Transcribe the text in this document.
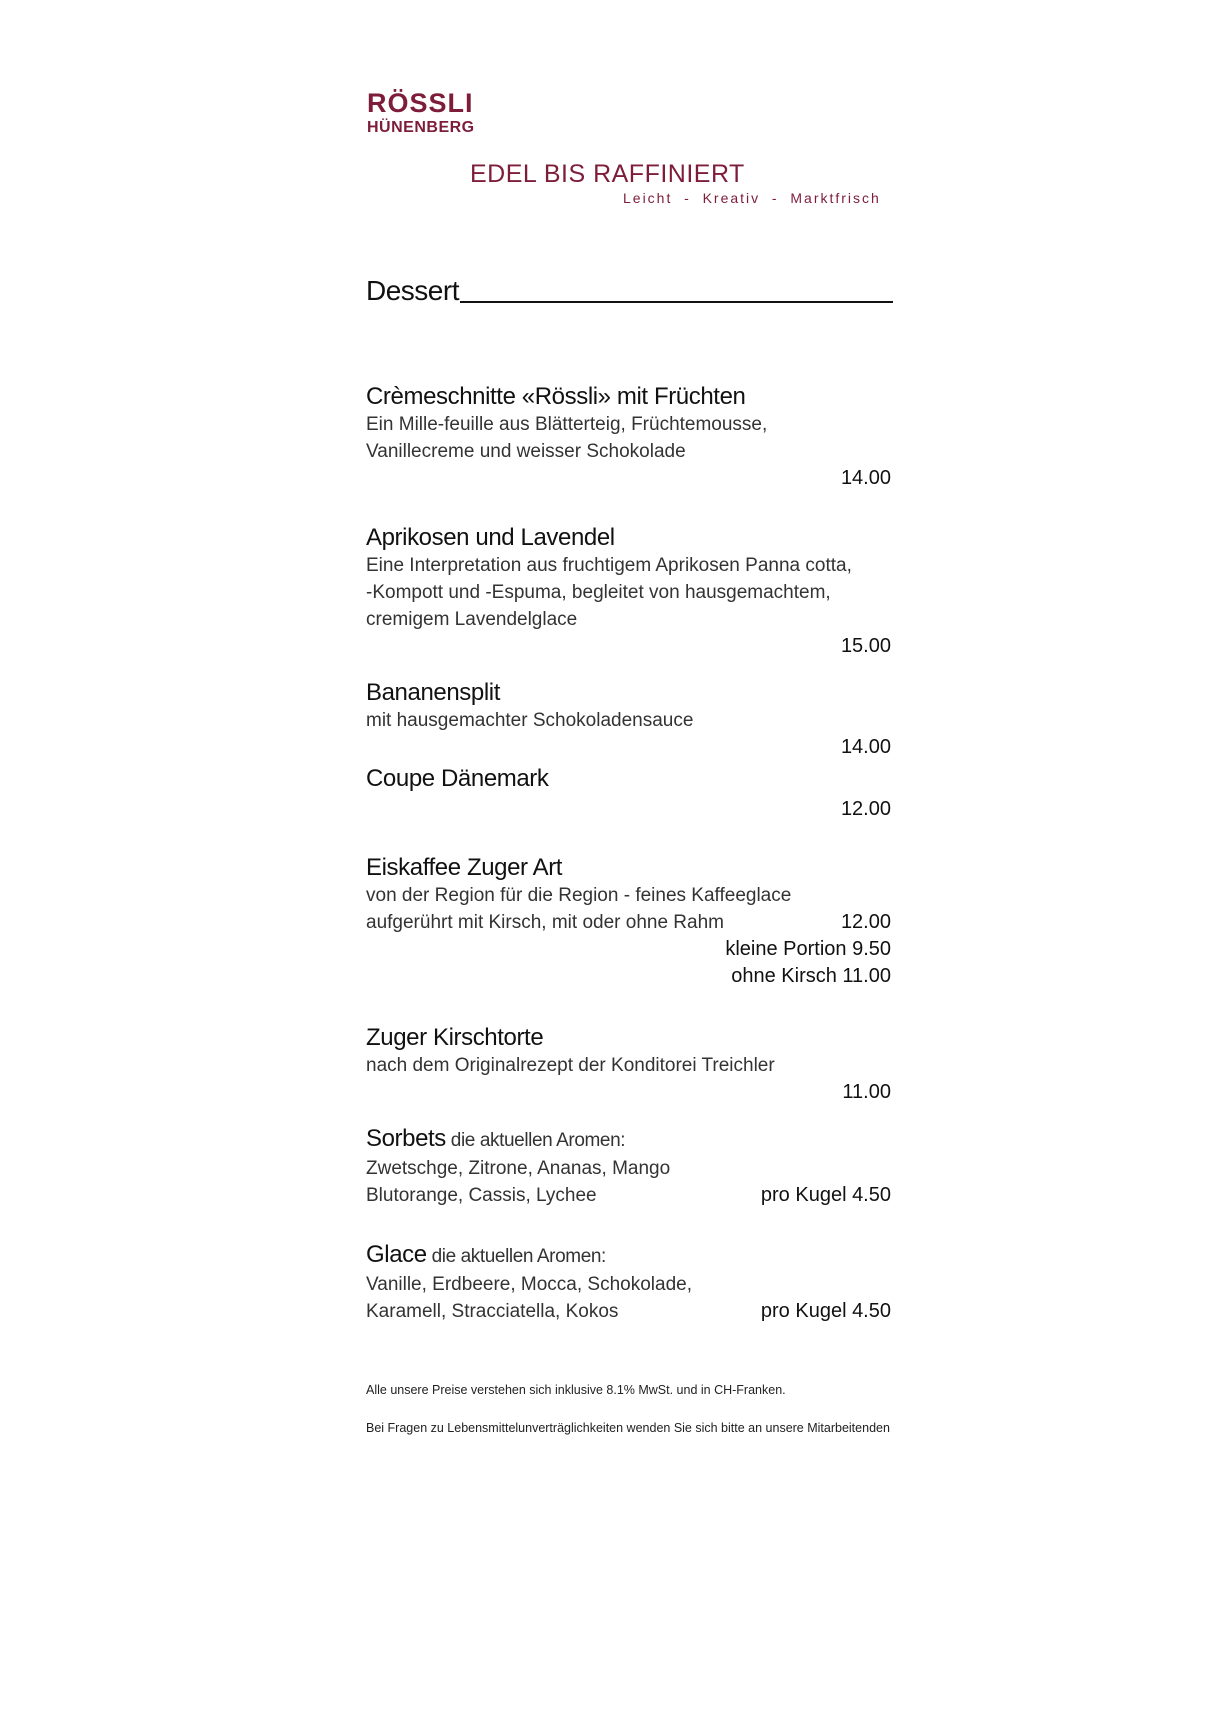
RÖSSLI
HÜNENBERG
EDEL BIS RAFFINIERT
Leicht  -  Kreativ  -  Marktfrisch
Dessert
Crèmeschnitte «Rössli» mit Früchten
Ein Mille-feuille aus Blätterteig, Früchtemousse,
Vanillecreme und weisser Schokolade
14.00
Aprikosen und Lavendel
Eine Interpretation aus fruchtigem Aprikosen Panna cotta,
-Kompott und -Espuma, begleitet von hausgemachtem,
cremigem Lavendelglace
15.00
Bananensplit
mit hausgemachter Schokoladensauce
14.00
Coupe Dänemark
12.00
Eiskaffee Zuger Art
von der Region für die Region - feines Kaffeeglace
aufgerührt mit Kirsch, mit oder ohne Rahm	12.00
kleine Portion 9.50
ohne Kirsch 11.00
Zuger Kirschtorte
nach dem Originalrezept der Konditorei Treichler
11.00
Sorbets die aktuellen Aromen:
Zwetschge, Zitrone, Ananas, Mango
Blutorange, Cassis, Lychee	pro Kugel 4.50
Glace die aktuellen Aromen:
Vanille, Erdbeere, Mocca, Schokolade,
Karamell, Stracciatella, Kokos	pro Kugel 4.50
Alle unsere Preise verstehen sich inklusive 8.1% MwSt. und in CH-Franken.
Bei Fragen zu Lebensmittelunverträglichkeiten wenden Sie sich bitte an unsere Mitarbeitenden
